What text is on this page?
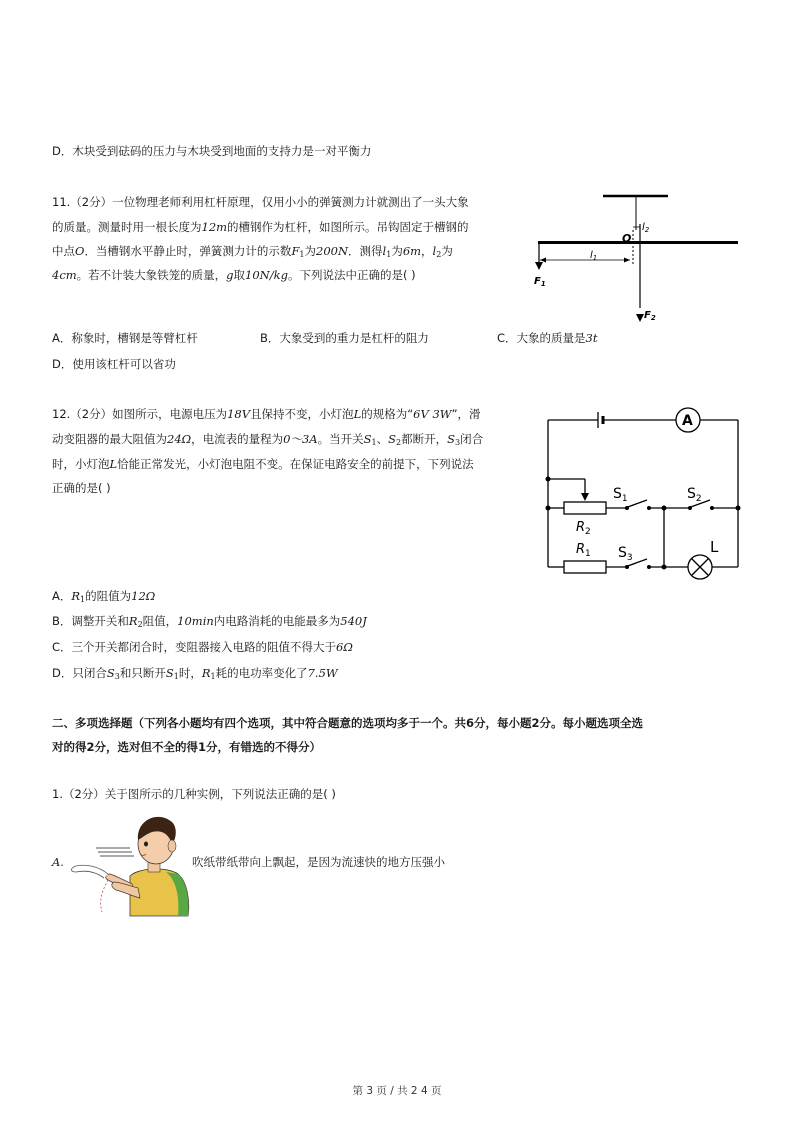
D．木块受到砝码的压力与木块受到地面的支持力是一对平衡力
11.（2分）一位物理老师利用杠杆原理，仅用小小的弹簧测力计就测出了一头大象
的质量。测量时用一根长度为12m的槽钢作为杠杆，如图所示。吊钩固定于槽钢的
中点O．当槽钢水平静止时，弹簧测力计的示数$F_1$为200N．测得$l_1$为6m，$l_2$为
4cm。若不计装大象铁笼的质量，g取10N/kg。下列说法中正确的是( )
O
$l_2$
$l_1$
$F_1$
$F_2$
A．称象时，槽钢是等臂杠杆	B．大象受到的重力是杠杆的阻力	C．大象的质量是3t
D．使用该杠杆可以省功
12.（2分）如图所示，电源电压为18V且保持不变，小灯泡L的规格为“6V 3W”，滑
动变阻器的最大阻值为24Ω，电流表的量程为0～3A。当开关$S_1$、$S_2$都断开，$S_3$闭合
时，小灯泡L恰能正常发光，小灯泡电阻不变。在保证电路安全的前提下，下列说法
正确的是( )
A
$R_2$
$R_1$
$S_1$	$S_2$
$S_3$
L
A．$R_1$的阻值为12Ω
B．调整开关和$R_2$阻值，10min内电路消耗的电能最多为540J
C．三个开关都闭合时，变阻器接入电路的阻值不得大于6Ω
D．只闭合$S_3$和只断开$S_1$时，$R_1$耗的电功率变化了7.5W
二、多项选择题（下列各小题均有四个选项，其中符合题意的选项均多于一个。共6分，每小题2分。每小题选项全选
对的得2分，选对但不全的得1分，有错选的不得分）
1.（2分）关于图所示的几种实例，下列说法正确的是( )
A.	吹纸带纸带向上飘起，是因为流速快的地方压强小
第 3 页 / 共 2 4 页
